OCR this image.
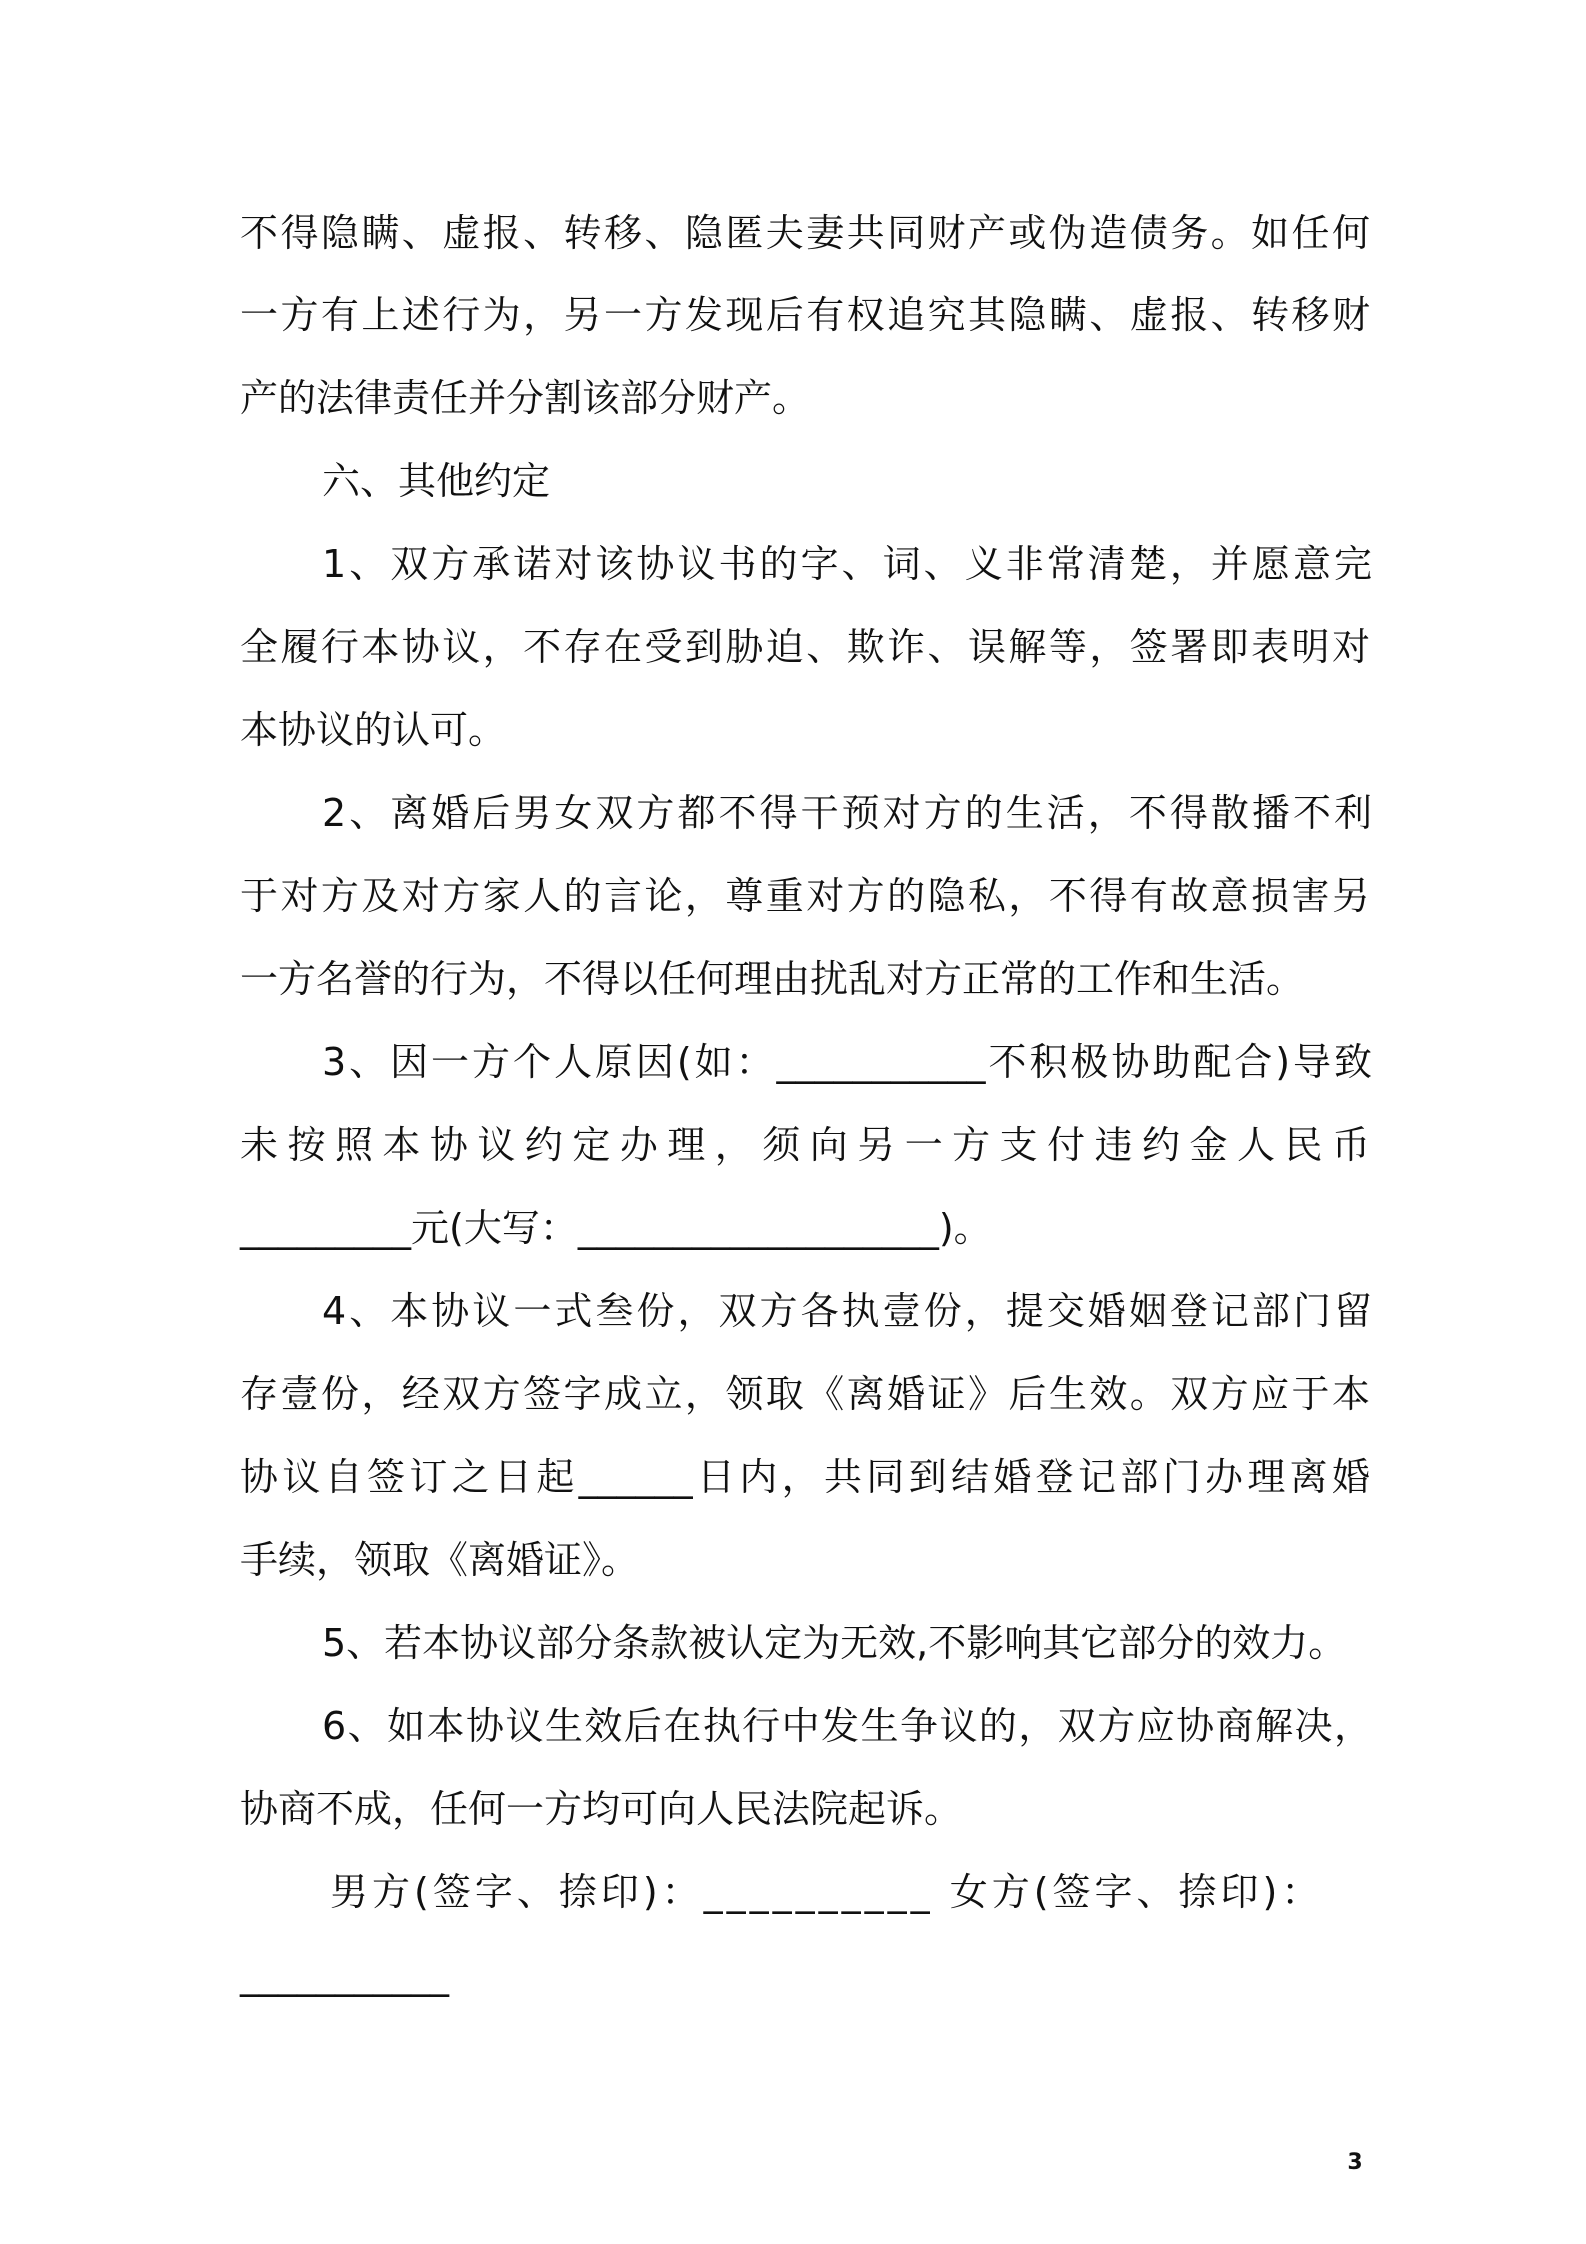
不得隐瞒、虚报、转移、隐匿夫妻共同财产或伪造债务。如任何
一方有上述行为，另一方发现后有权追究其隐瞒、虚报、转移财
产的法律责任并分割该部分财产。
六、其他约定
1、双方承诺对该协议书的字、词、义非常清楚，并愿意完
全履行本协议，不存在受到胁迫、欺诈、误解等，签署即表明对
本协议的认可。
2、离婚后男女双方都不得干预对方的生活，不得散播不利
于对方及对方家人的言论，尊重对方的隐私，不得有故意损害另
一方名誉的行为，不得以任何理由扰乱对方正常的工作和生活。
3、因一方个人原因(如：___________不积极协助配合)导致
未按照本协议约定办理，须向另一方支付违约金人民币
_________元(大写：___________________)。
4、本协议一式叁份，双方各执壹份，提交婚姻登记部门留
存壹份，经双方签字成立，领取《离婚证》后生效。双方应于本
协议自签订之日起______日内，共同到结婚登记部门办理离婚
手续，领取《离婚证》。
5、若本协议部分条款被认定为无效,不影响其它部分的效力。
6、如本协议生效后在执行中发生争议的，双方应协商解决，
协商不成，任何一方均可向人民法院起诉。
男方(签字、捺印)：__________ 女方(签字、捺印)：
___________
3
